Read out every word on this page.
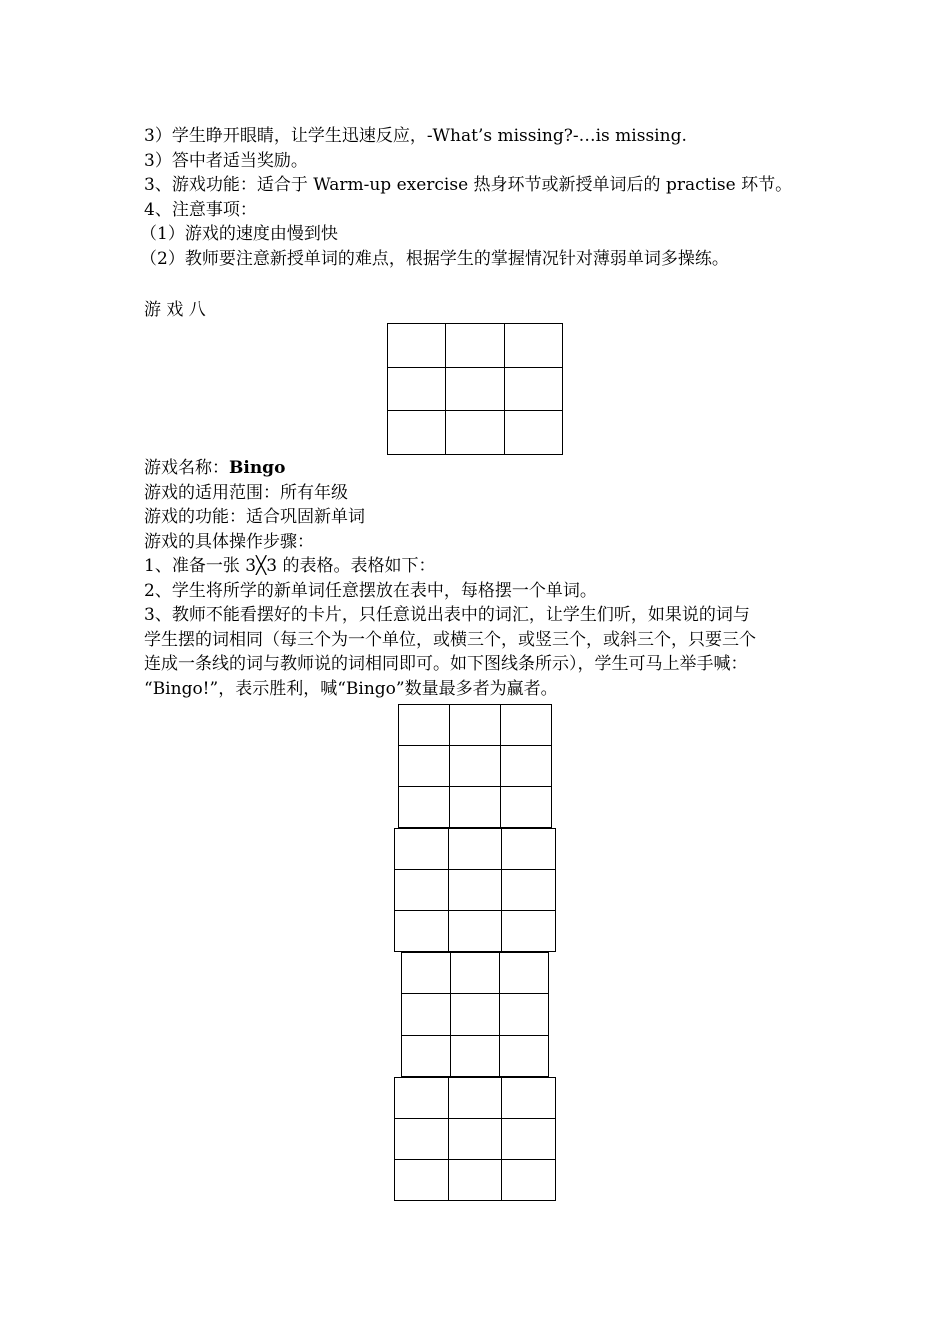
3）学生睁开眼睛，让学生迅速反应，-What’s missing?-…is missing.
3）答中者适当奖励。
3、游戏功能：适合于 Warm-up exercise 热身环节或新授单词后的 practise 环节。
4、注意事项：
（1）游戏的速度由慢到快
（2）教师要注意新授单词的难点，根据学生的掌握情况针对薄弱单词多操练。
游 戏 八

游戏名称：Bingo
游戏的适用范围：所有年级
游戏的功能：适合巩固新单词
游戏的具体操作步骤：
1、准备一张 3╳3 的表格。表格如下：
2、学生将所学的新单词任意摆放在表中，每格摆一个单词。
3、教师不能看摆好的卡片，只任意说出表中的词汇，让学生们听，如果说的词与
学生摆的词相同（每三个为一个单位，或横三个，或竖三个，或斜三个，只要三个
连成一条线的词与教师说的词相同即可。如下图线条所示），学生可马上举手喊：
“Bingo!”，表示胜利，喊“Bingo”数量最多者为赢者。
